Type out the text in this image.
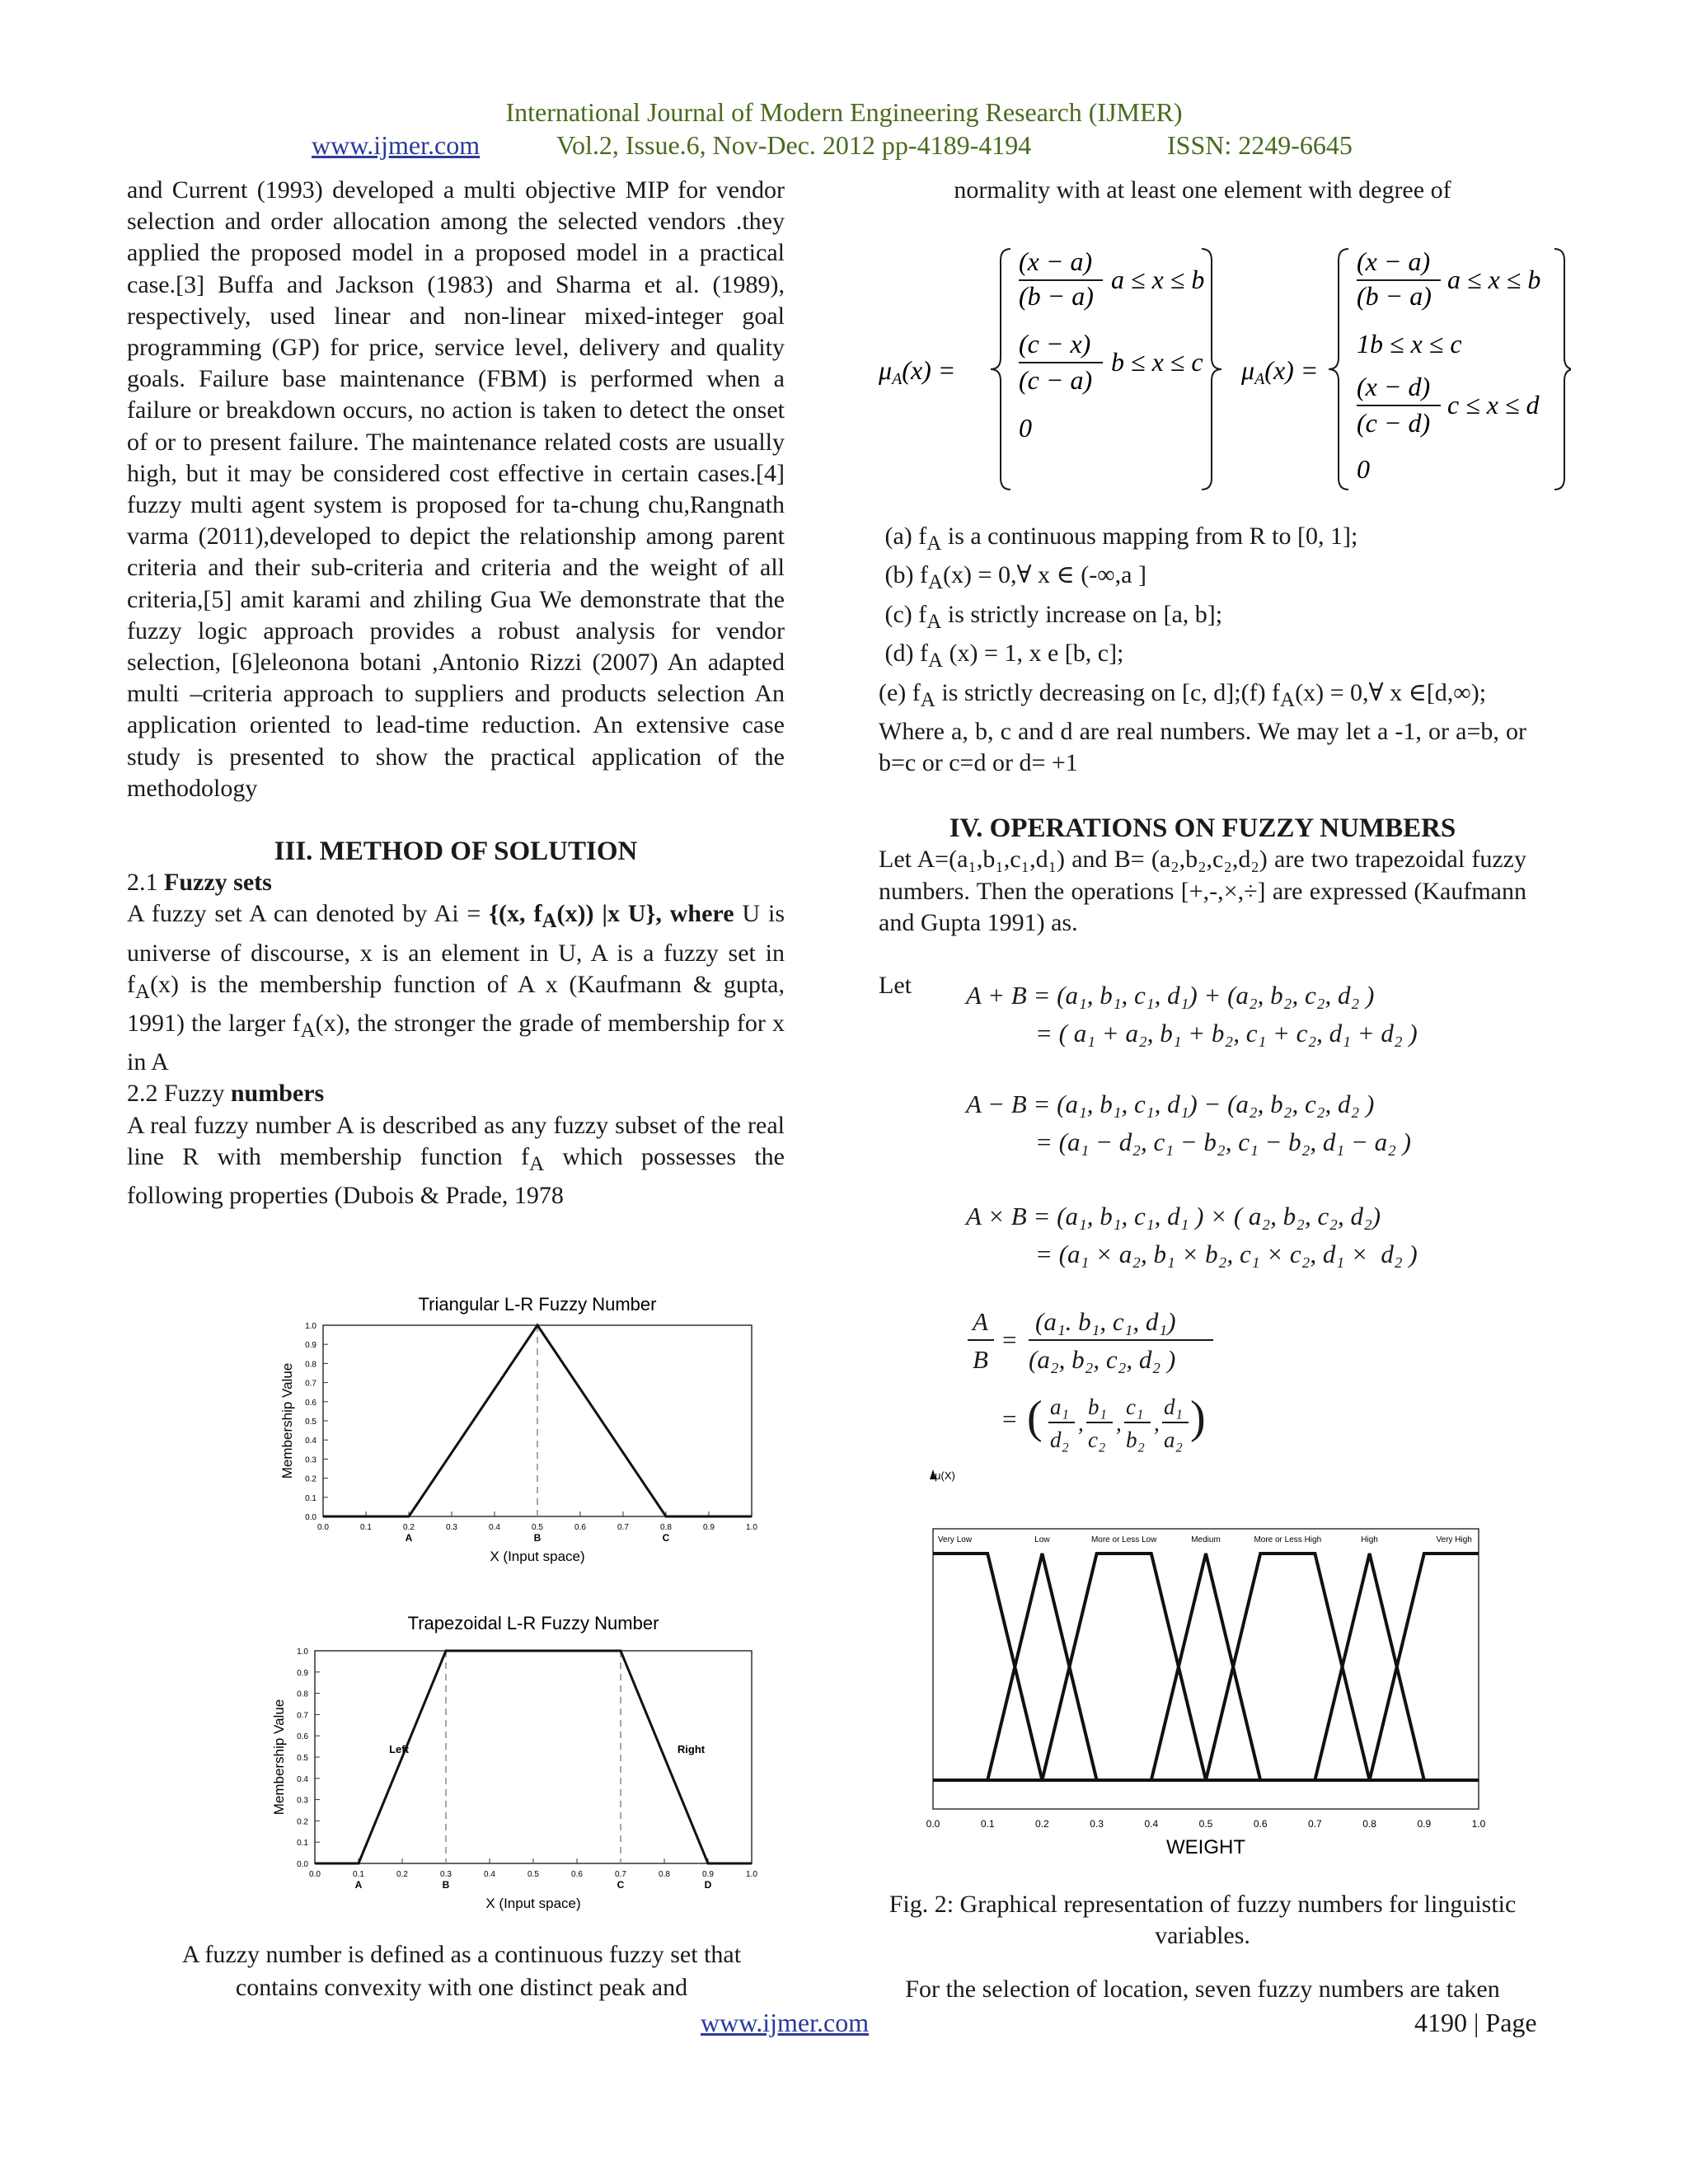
International Journal of Modern Engineering Research (IJMER)
www.ijmer.com	Vol.2, Issue.6, Nov-Dec. 2012 pp-4189-4194	ISSN: 2249-6645

and Current (1993) developed a multi objective MIP for vendor selection and order allocation among the selected vendors .they applied the proposed model in a proposed model in a practical case.[3] Buffa and Jackson (1983) and Sharma et al. (1989), respectively, used linear and non-linear mixed-integer goal programming (GP) for price, service level, delivery and quality goals. Failure base maintenance (FBM) is performed when a failure or breakdown occurs, no action is taken to detect the onset of or to present failure. The maintenance related costs are usually high, but it may be considered cost effective in certain cases.[4] fuzzy multi agent system is proposed for ta-chung chu,Rangnath varma (2011),developed to depict the relationship among parent criteria and their sub-criteria and criteria and the weight of all criteria,[5] amit karami and zhiling Gua We demonstrate that the fuzzy logic approach provides a robust analysis for vendor selection, [6]eleonona botani ,Antonio Rizzi (2007) An adapted multi –criteria approach to suppliers and products selection An application oriented to lead-time reduction. An extensive case study is presented to show the practical application of the methodology

III. METHOD OF SOLUTION

2.1 Fuzzy sets

A fuzzy set A can denoted by Ai = {(x, $f_A(x)$) |x U}, where U is universe of discourse, x is an element in U, A is a fuzzy set in $f_A(x)$ is the membership function of A x (Kaufmann & gupta, 1991) the larger $f_A(x)$, the stronger the grade of membership for x in A

2.2 Fuzzy numbers

A real fuzzy number A is described as any fuzzy subset of the real line R with membership function $f_A$ which possesses the following properties (Dubois & Prade, 1978

Triangular L-R Fuzzy Number
0.0
0.1
0.2
0.3
0.4
0.5
0.6
0.7
0.8
0.9
1.0
0.0	0.1	0.2	0.3	0.4	0.5	0.6	0.7	0.8	0.9	1.0
A	B	C
X (Input space)
Membership Value
Trapezoidal L-R Fuzzy Number
0.0
0.1
0.2
0.3
0.4
0.5
0.6
0.7
0.8
0.9
1.0
0.0	0.1	0.2	0.3	0.4	0.5	0.6	0.7	0.8	0.9	1.0
A	B	C	D
X (Input space)
Membership Value	Left	Right
A fuzzy number is defined as a continuous fuzzy set that contains convexity with one distinct peak and
normality with at least one element with degree of
μA(x) =
(x − a)
(b − a)
a ≤ x ≤ b
(c − x)
(c − a)
b ≤ x ≤ c
0
μA(x) =
(x − a)
(b − a)
a ≤ x ≤ b
1b ≤ x ≤ c
(x − d)
(c − d)
c ≤ x ≤ d
0

(a) $f_A$ is a continuous mapping from R to [0, 1];

(b) $f_A(x)$ = 0,∀ x ∈ (-∞,a ]

(c) $f_A$ is strictly increase on [a, b];

(d) $f_A$ (x) = 1, x e [b, c];

(e) $f_A$ is strictly decreasing on [c, d];(f) $f_A(x)$ = 0,∀ x ∈[d,∞);

Where a, b, c and d are real numbers. We may let a -1, or a=b, or b=c or c=d or d= +1

IV. OPERATIONS ON FUZZY NUMBERS

Let A=(a₁,b₁,c₁,d₁) and B= (a₂,b₂,c₂,d₂) are two trapezoidal fuzzy numbers. Then the operations [+,-,×,÷] are expressed (Kaufmann and Gupta 1991) as.

Let	A + B = (a₁, b₁, c₁, d₁) + (a₂, b₂, c₂, d₂ )
= ( a₁ + a₂, b₁ + b₂, c₁ + c₂, d₁ + d₂ )
A − B = (a₁, b₁, c₁, d₁) − (a₂, b₂, c₂, d₂ )
= (a₁ − d₂, c₁ − b₂, c₁ − b₂, d₁ − a₂ )
A × B = (a₁, b₁, c₁, d₁ ) × ( a₂, b₂, c₂, d₂)
= (a₁ × a₂, b₁ × b₂, c₁ × c₂, d₁ ×  d₂ )
A
B
=
(a₁. b₁, c₁, d₁)
(a₂, b₂, c₂, d₂ )
= (	)
a₁
d₂
,
b₁
c₂
,
c₁
b₂
,
d₁
a₂
μ(X)
Very Low	Low	More or Less Low	Medium	More or Less High	High	Very High
0.0	0.1	0.2	0.3	0.4	0.5	0.6	0.7	0.8	0.9	1.0
WEIGHT
Fig. 2: Graphical representation of fuzzy numbers for linguistic variables.
For the selection of location, seven fuzzy numbers are taken
www.ijmer.com	4190 | Page
